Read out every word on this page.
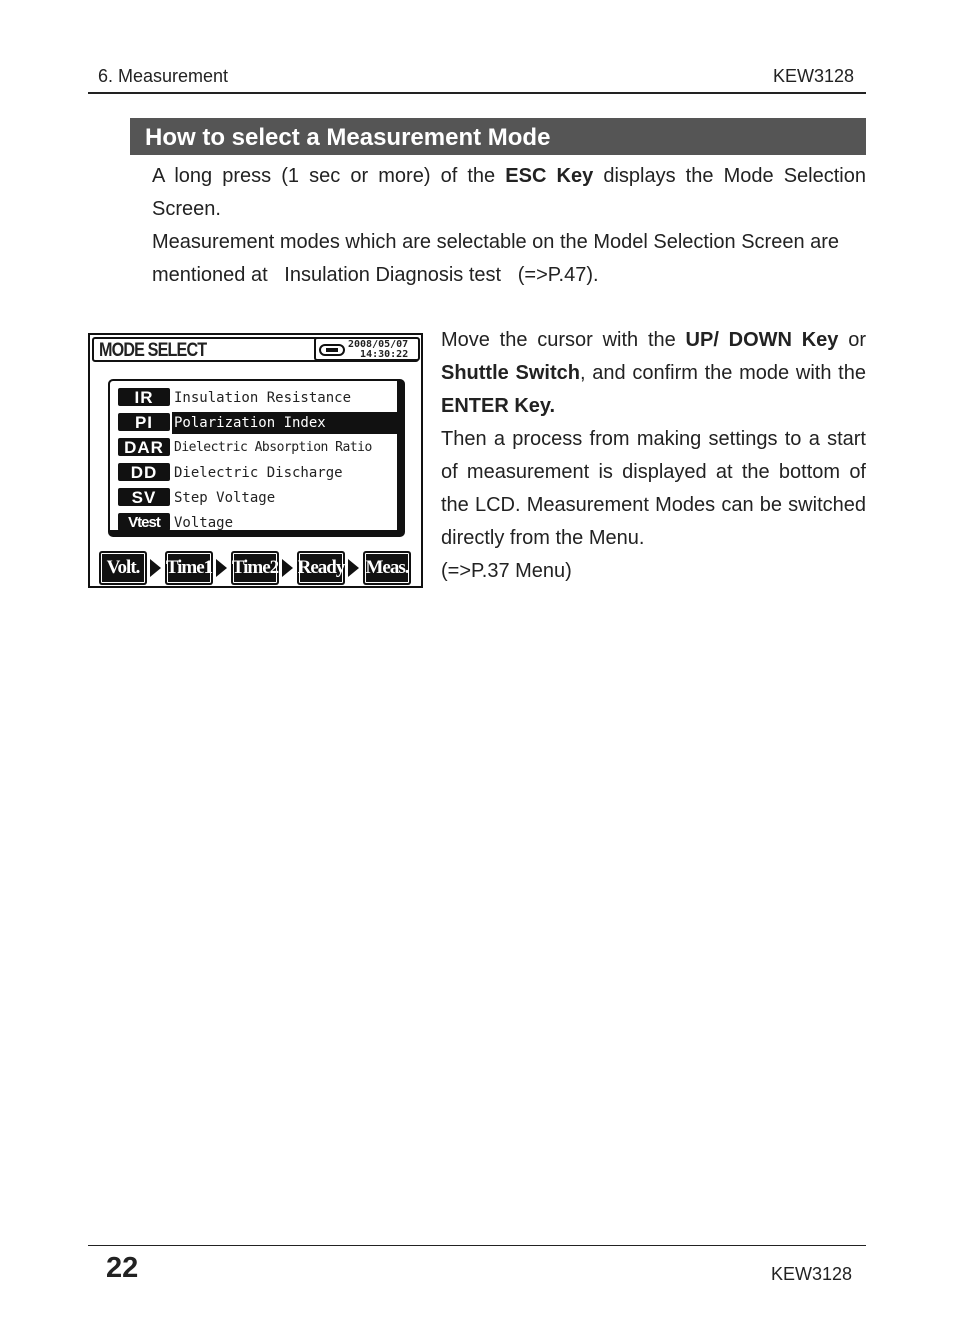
6. Measurement	KEW3128
How to select a Measurement Mode

A long press (1 sec or more) of the ESC Key displays the Mode Selection Screen.

Measurement modes which are selectable on the Model Selection Screen are mentioned at   Insulation Diagnosis test   (=>P.47).

MODE SELECT	2008/05/07
14:30:22
IR	Insulation Resistance
PI	Polarization Index
DAR Dielectric Absorption Ratio
DD	Dielectric Discharge
SV	Step Voltage
Vtest	Voltage
Volt.	Time1 Time2 Ready Meas.

Move the cursor with the UP/ DOWN Key or Shuttle Switch, and confirm the mode with the ENTER Key.

Then a process from making settings to a start of measurement is displayed at the bottom of the LCD. Measurement Modes can be switched directly from the Menu.

(=>P.37 Menu)

22	KEW3128
